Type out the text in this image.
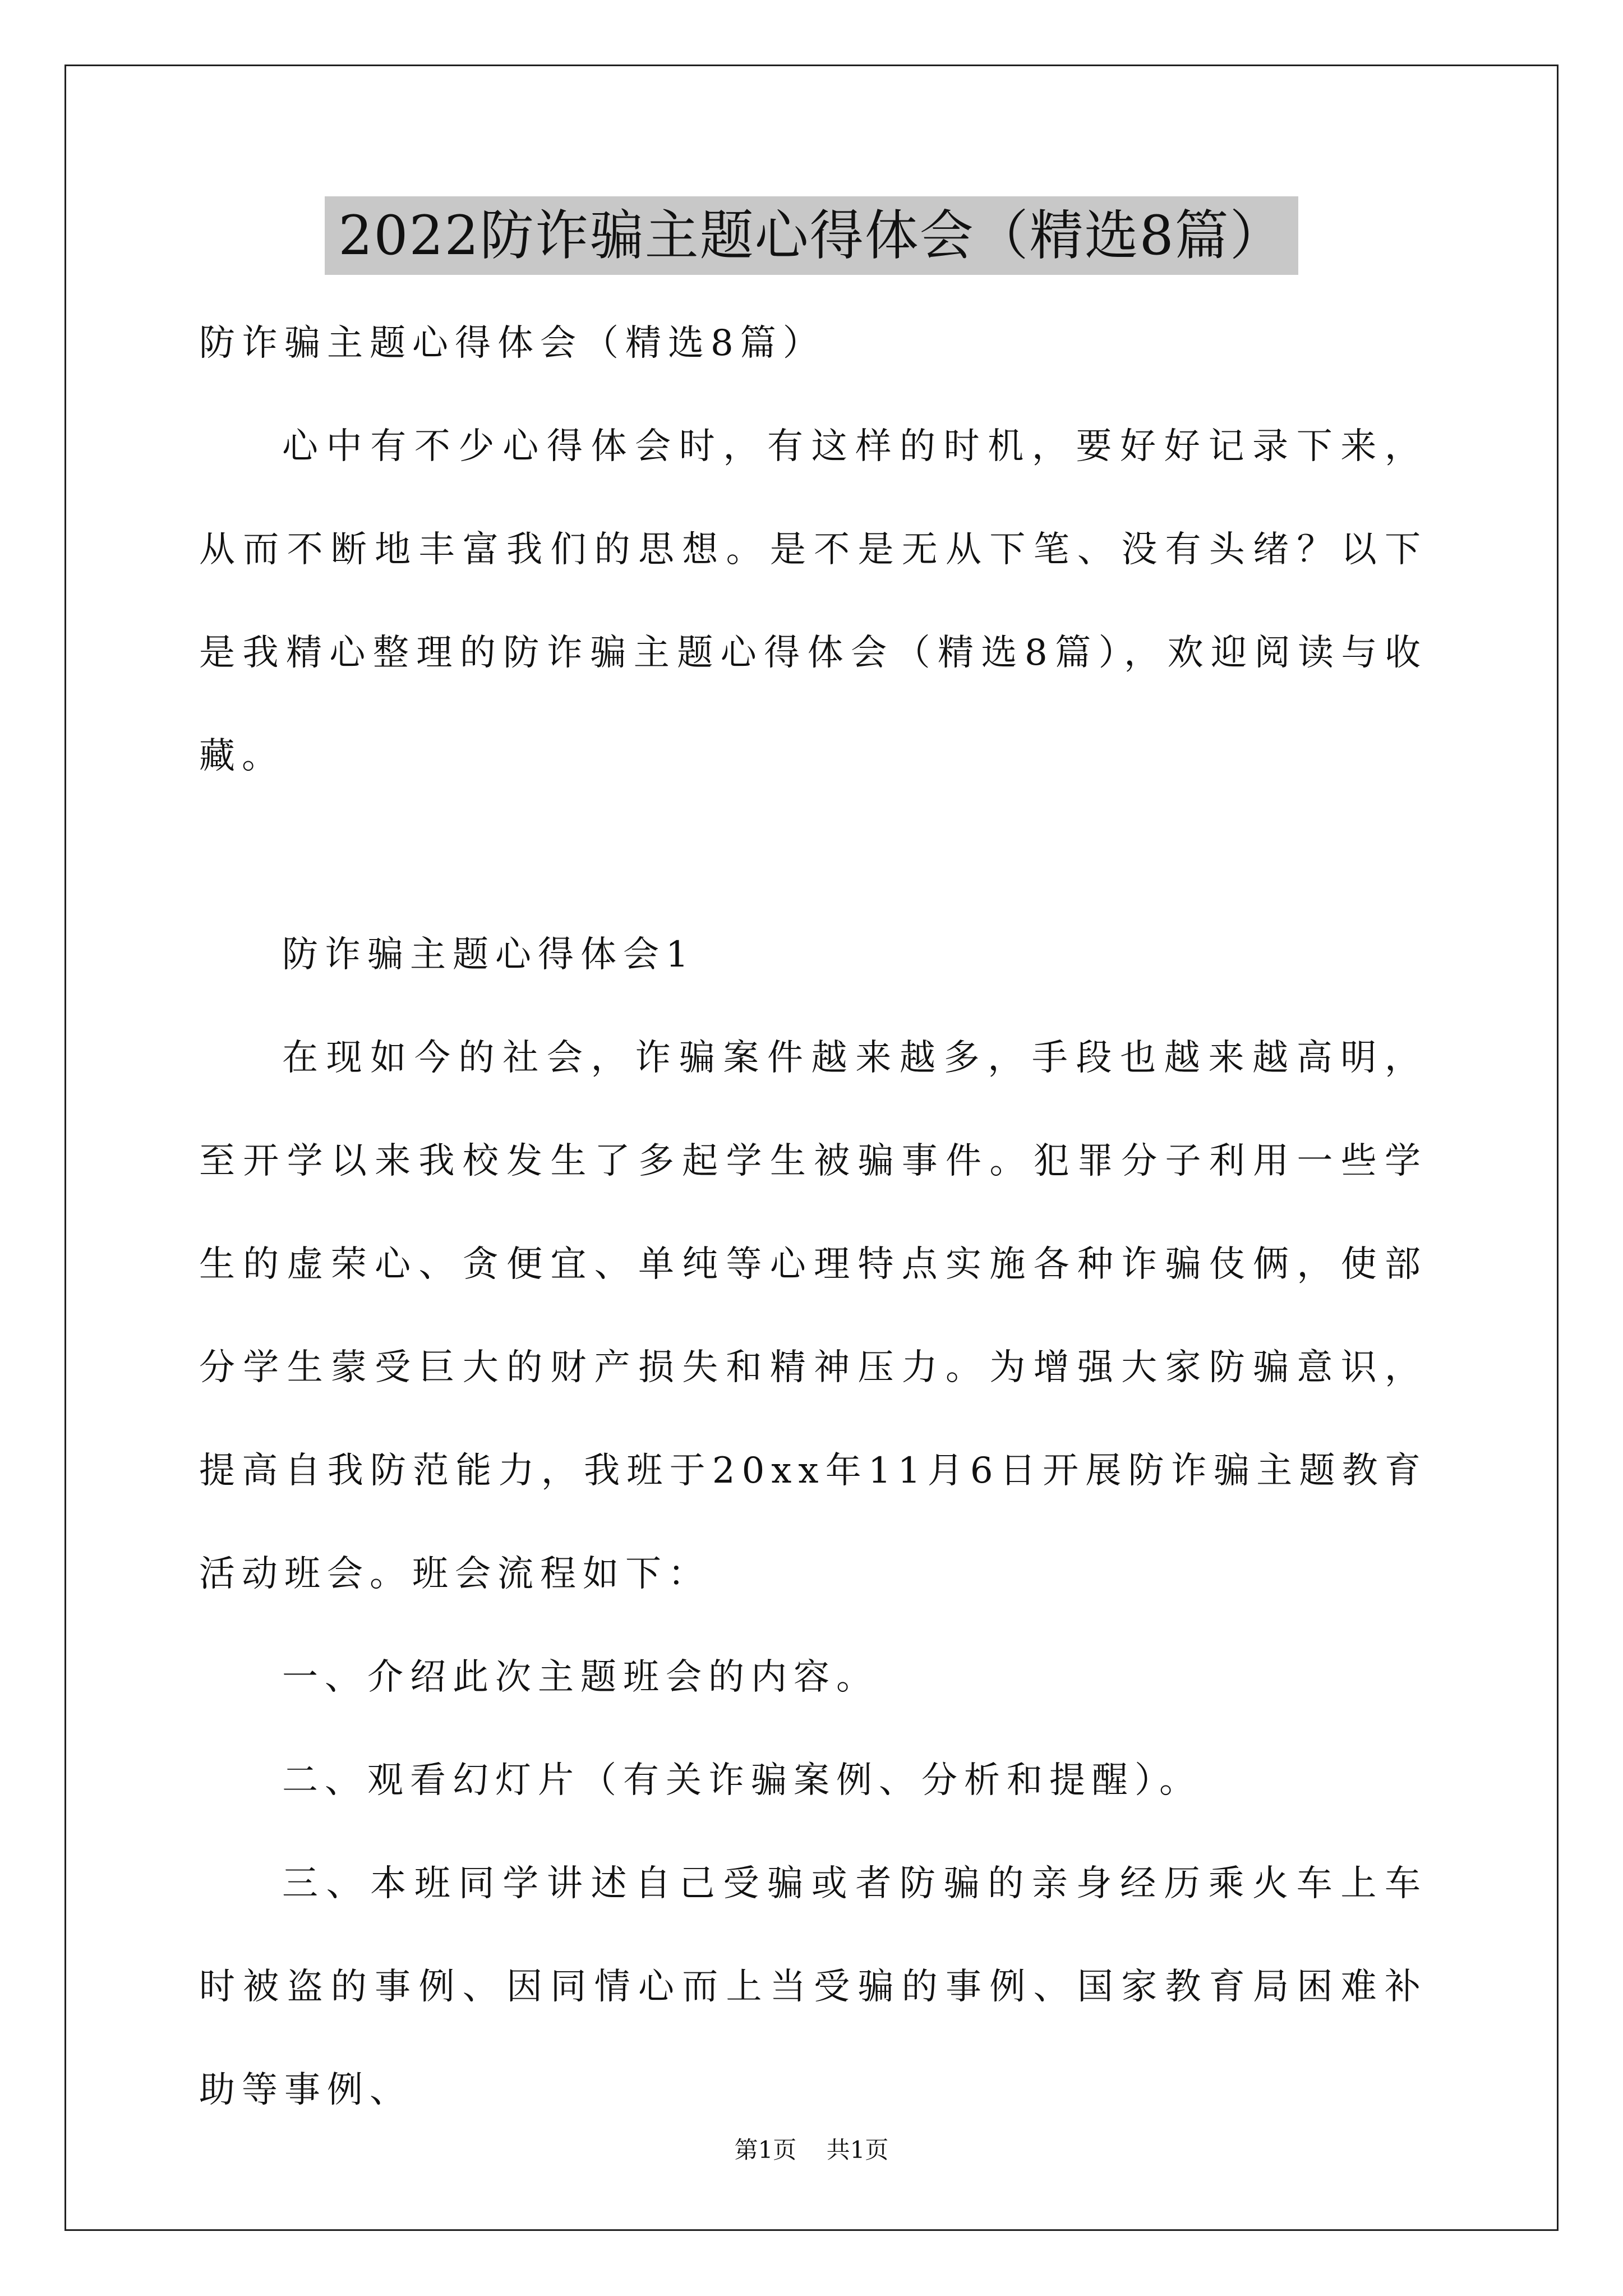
2022防诈骗主题心得体会（精选8篇）

防诈骗主题心得体会（精选8篇）

心中有不少心得体会时，有这样的时机，要好好记录下来，从而不断地丰富我们的思想。是不是无从下笔、没有头绪？以下是我精心整理的防诈骗主题心得体会（精选8篇），欢迎阅读与收藏。

防诈骗主题心得体会1

在现如今的社会，诈骗案件越来越多，手段也越来越高明，至开学以来我校发生了多起学生被骗事件。犯罪分子利用一些学生的虚荣心、贪便宜、单纯等心理特点实施各种诈骗伎俩，使部分学生蒙受巨大的财产损失和精神压力。为增强大家防骗意识，提高自我防范能力，我班于20xx年11月6日开展防诈骗主题教育活动班会。班会流程如下：

一、介绍此次主题班会的内容。

二、观看幻灯片（有关诈骗案例、分析和提醒）。

三、本班同学讲述自己受骗或者防骗的亲身经历乘火车上车时被盗的事例、因同情心而上当受骗的事例、国家教育局困难补助等事例、

第1页 共1页
